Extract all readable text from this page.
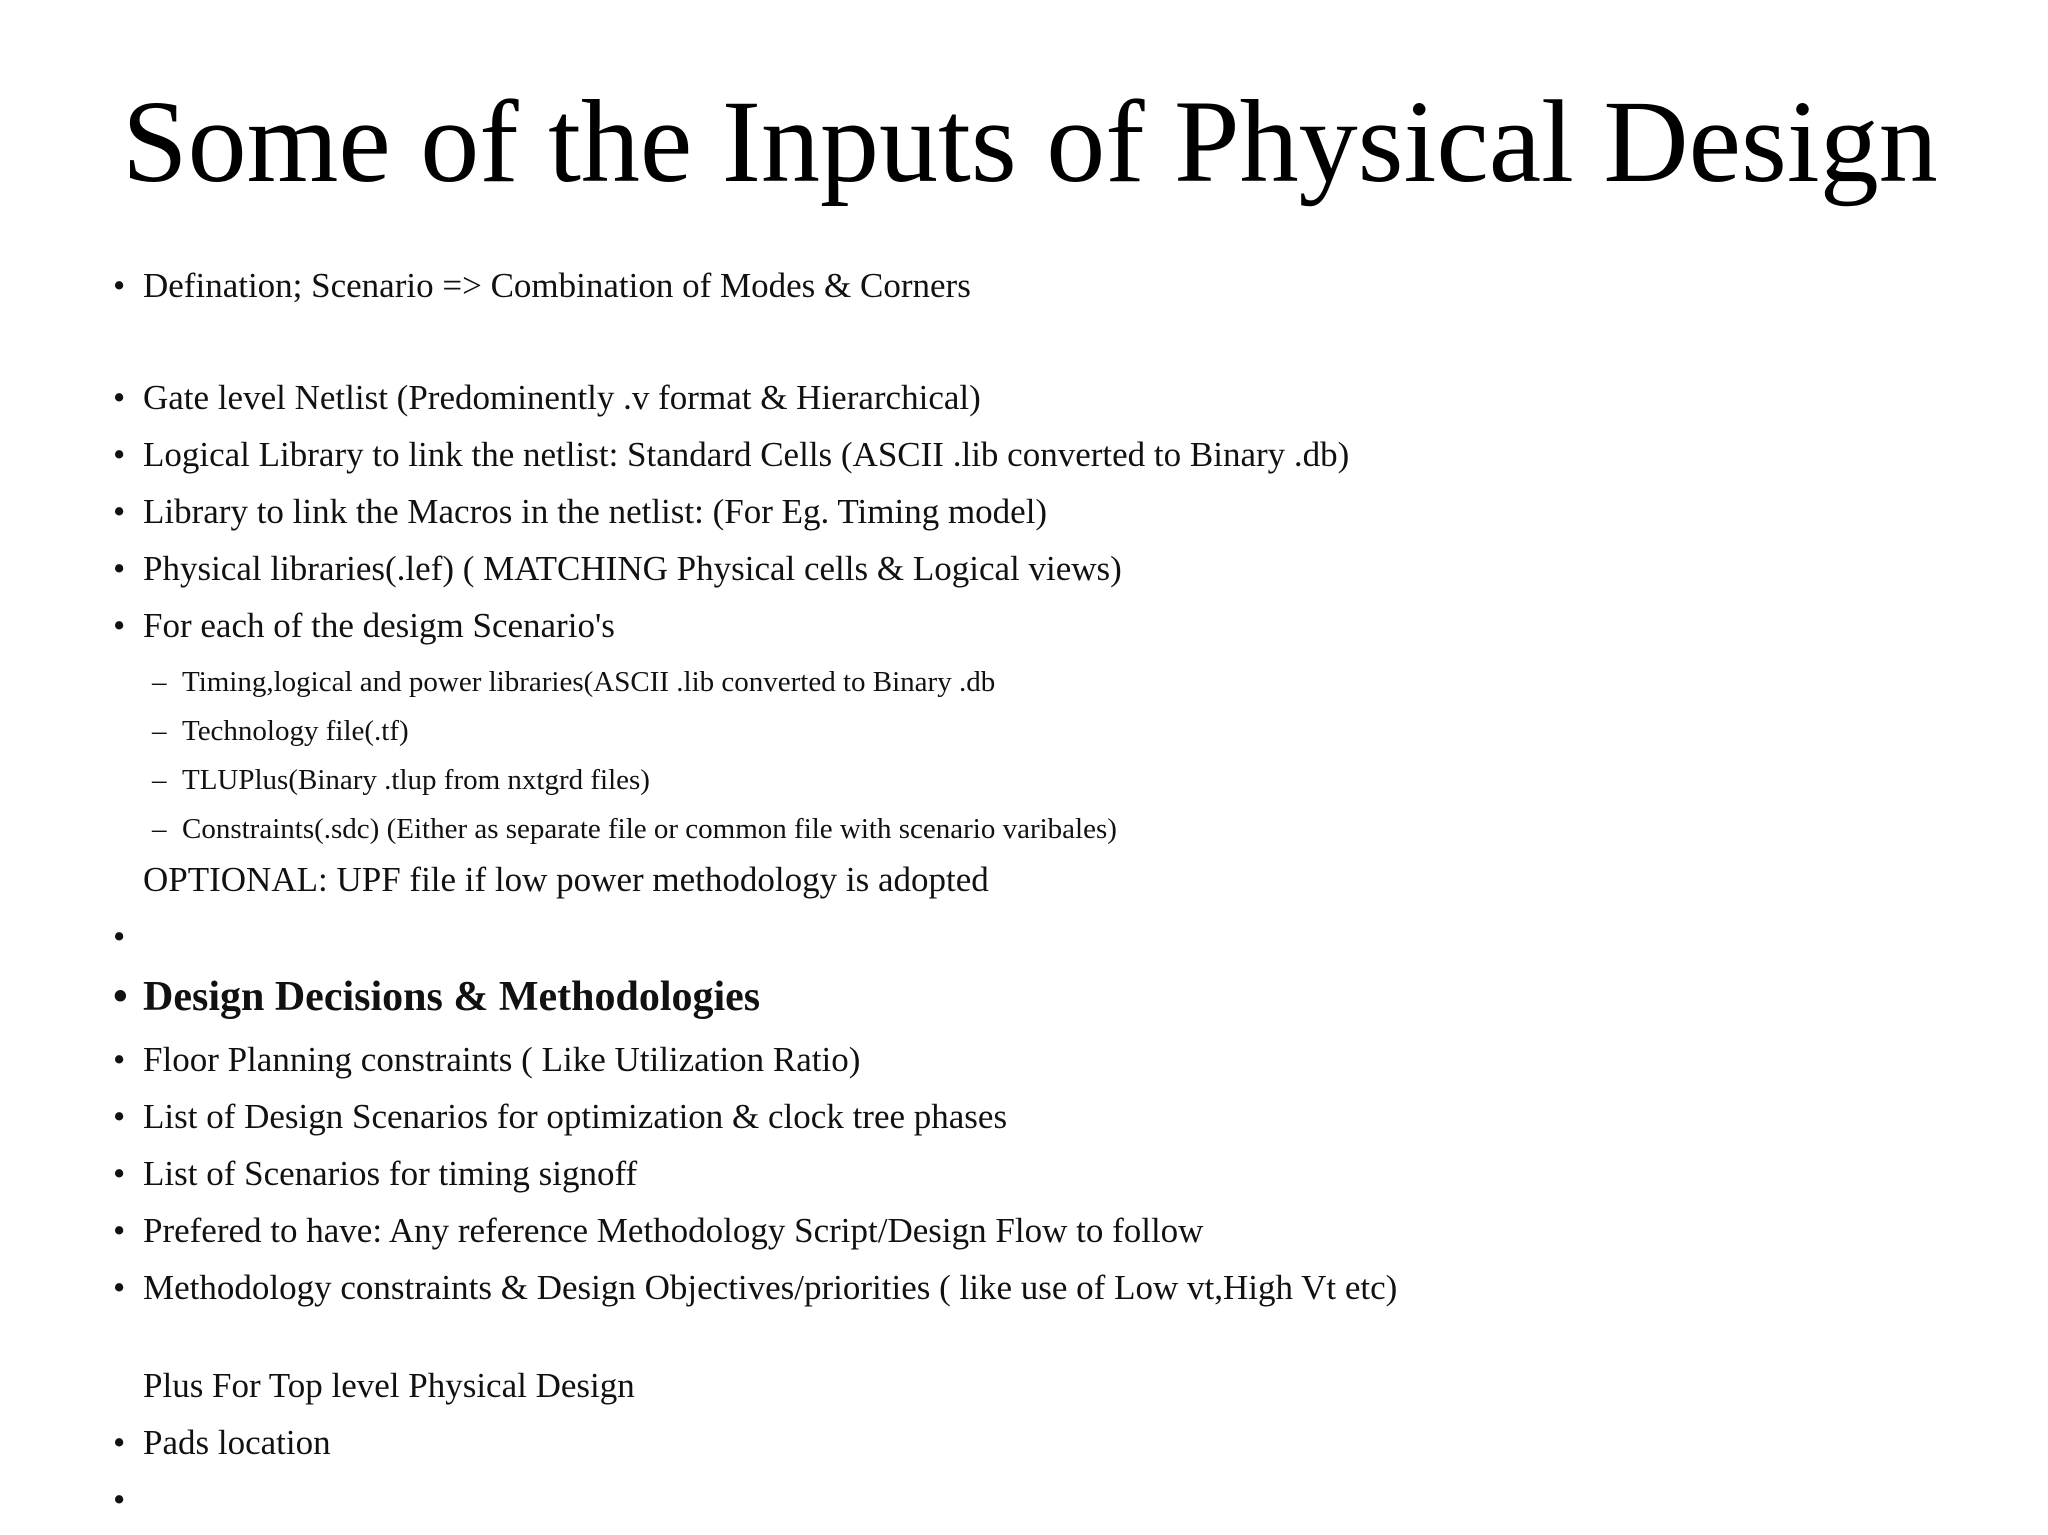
Some of the Inputs of Physical Design
• Defination; Scenario => Combination of Modes & Corners
• Gate level Netlist (Predominently .v format & Hierarchical)
• Logical Library to link the netlist: Standard Cells (ASCII .lib converted to Binary .db)
• Library to link the Macros in the netlist: (For Eg. Timing model)
• Physical libraries(.lef) ( MATCHING Physical cells & Logical views)
• For each of the desigm Scenario's
– Timing,logical and power libraries(ASCII .lib converted to Binary .db
– Technology file(.tf)
– TLUPlus(Binary .tlup from nxtgrd files)
– Constraints(.sdc) (Either as separate file or common file with scenario varibales)
OPTIONAL: UPF file if low power methodology is adopted
•
• Design Decisions & Methodologies
• Floor Planning constraints ( Like Utilization Ratio)
• List of Design Scenarios for optimization & clock tree phases
• List of Scenarios for timing signoff
• Prefered to have: Any reference Methodology Script/Design Flow to follow
• Methodology constraints & Design Objectives/priorities ( like use of Low vt,High Vt etc)
Plus For Top level Physical Design
• Pads location
•
